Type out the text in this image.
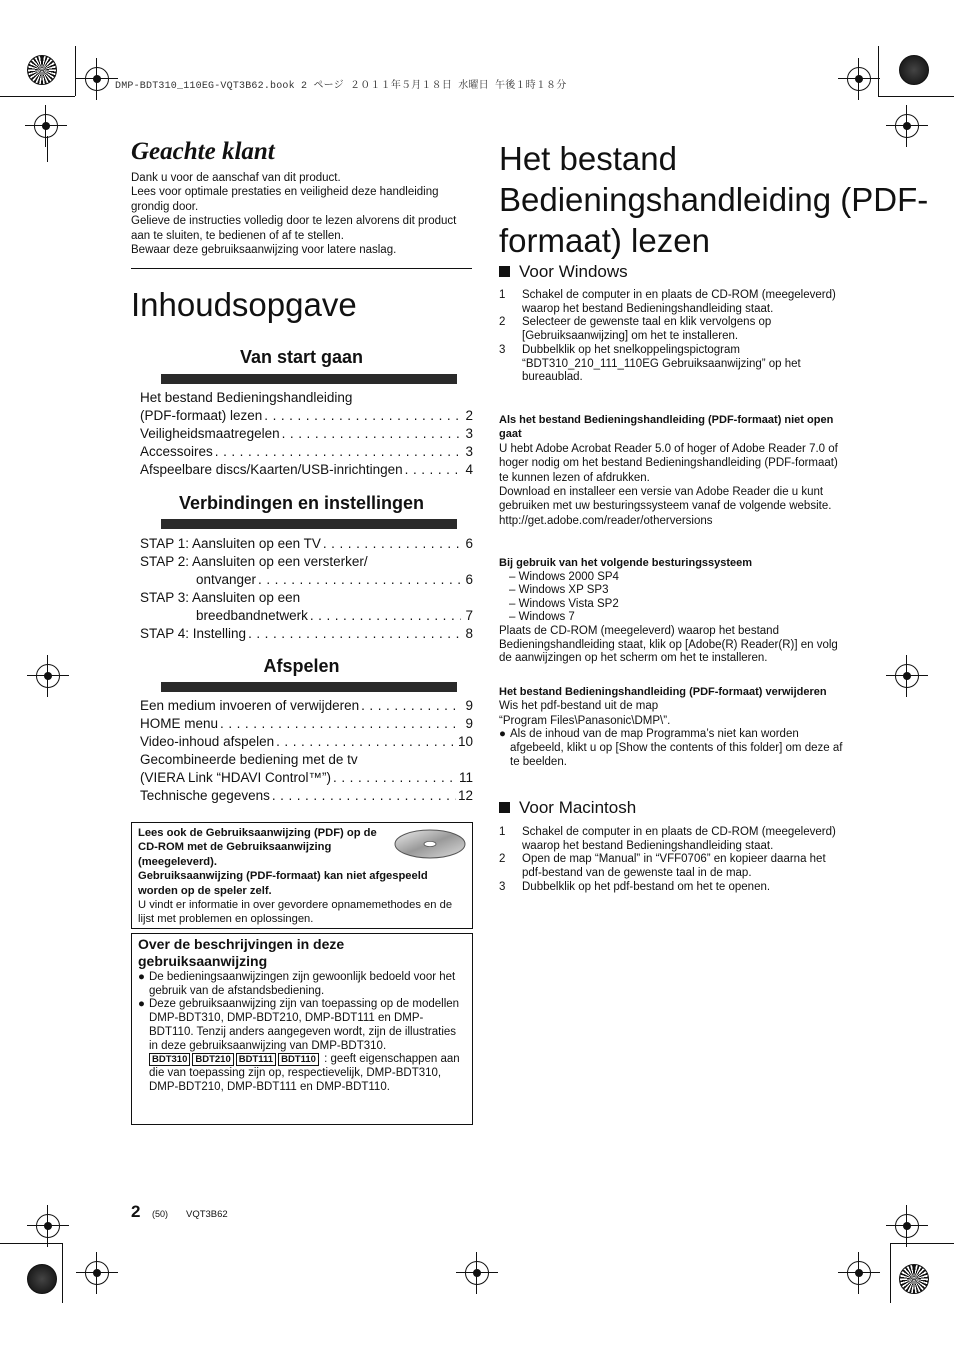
DMP-BDT310_110EG-VQT3B62.book 2 ページ ２０１１年５月１８日 水曜日 午後１時１８分
Geachte klant
Dank u voor de aanschaf van dit product.
Lees voor optimale prestaties en veiligheid deze handleiding grondig door.
Gelieve de instructies volledig door te lezen alvorens dit product aan te sluiten, te bedienen of af te stellen.
Bewaar deze gebruiksaanwijzing voor latere naslag.
Inhoudsopgave
Van start gaan
Het bestand Bedieningshandleiding
(PDF-formaat) lezen . . .	2
Veiligheidsmaatregelen . . .	3
Accessoires . . .	3
Afspeelbare discs/Kaarten/USB-inrichtingen . . .	4
Verbindingen en instellingen
STAP 1: Aansluiten op een TV . . .	6
STAP 2: Aansluiten op een versterker/
ontvanger . . .	6
STAP 3: Aansluiten op een
breedbandnetwerk . . .	7
STAP 4: Instelling . . .	8
Afspelen
Een medium invoeren of verwijderen . . .	9
HOME menu . . .	9
Video-inhoud afspelen . . .	10
Gecombineerde bediening met de tv
(VIERA Link “HDAVI Control™”) . . .	11
Technische gegevens . . .	12
Lees ook de Gebruiksaanwijzing (PDF) op de CD-ROM met de Gebruiksaanwijzing (meegeleverd).
Gebruiksaanwijzing (PDF-formaat) kan niet afgespeeld worden op de speler zelf.
U vindt er informatie in over gevordere opnamemethodes en de lijst met problemen en oplossingen.
Over de beschrijvingen in deze gebruiksaanwijzing
● De bedieningsaanwijzingen zijn gewoonlijk bedoeld voor het gebruik van de afstandsbediening.
● Deze gebruiksaanwijzing zijn van toepassing op de modellen DMP-BDT310, DMP-BDT210, DMP-BDT111 en DMP-BDT110. Tenzij anders aangegeven wordt, zijn de illustraties in deze gebruiksaanwijzing van DMP-BDT310.
BDT310 BDT210 BDT111 BDT110 : geeft eigenschappen aan die van toepassing zijn op, respectievelijk, DMP-BDT310, DMP-BDT210, DMP-BDT111 en DMP-BDT110.
Het bestand Bedieningshandleiding (PDF-formaat) lezen
Voor Windows
1	Schakel de computer in en plaats de CD-ROM (meegeleverd) waarop het bestand Bedieningshandleiding staat.
2	Selecteer de gewenste taal en klik vervolgens op [Gebruiksaanwijzing] om het te installeren.
3	Dubbelklik op het snelkoppelingspictogram “BDT310_210_111_110EG Gebruiksaanwijzing” op het bureaublad.
Als het bestand Bedieningshandleiding (PDF-formaat) niet open gaat
U hebt Adobe Acrobat Reader 5.0 of hoger of Adobe Reader 7.0 of hoger nodig om het bestand Bedieningshandleiding (PDF-formaat) te kunnen lezen of afdrukken.
Download en installeer een versie van Adobe Reader die u kunt gebruiken met uw besturingssysteem vanaf de volgende website.
http://get.adobe.com/reader/otherversions
Bij gebruik van het volgende besturingssysteem
– Windows 2000 SP4
– Windows XP SP3
– Windows Vista SP2
– Windows 7
Plaats de CD-ROM (meegeleverd) waarop het bestand Bedieningshandleiding staat, klik op [Adobe(R) Reader(R)] en volg de aanwijzingen op het scherm om het te installeren.
Het bestand Bedieningshandleiding (PDF-formaat) verwijderen
Wis het pdf-bestand uit de map
“Program Files\Panasonic\DMP\”.
● Als de inhoud van de map Programma’s niet kan worden afgebeeld, klikt u op [Show the contents of this folder] om deze af te beelden.
Voor Macintosh
1	Schakel de computer in en plaats de CD-ROM (meegeleverd) waarop het bestand Bedieningshandleiding staat.
2	Open de map “Manual” in “VFF0706” en kopieer daarna het pdf-bestand van de gewenste taal in de map.
3	Dubbelklik op het pdf-bestand om het te openen.
2 (50) VQT3B62
